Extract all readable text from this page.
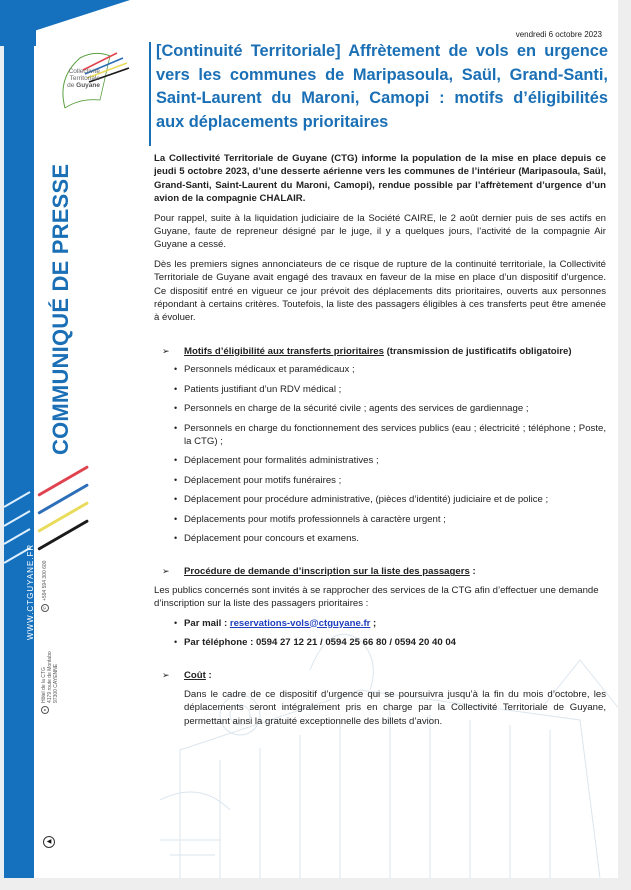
COMMUNIQUÉ DE PRESSE
WWW.CTGUYANE.FR ✆
+594 594 300 600
●
Hôtel de la CTG 4179 route de Montabo 97300 CAYENNE
◀
Collectivité
Territoriale
de Guyane
vendredi 6 octobre 2023
[Continuité Territoriale] Affrètement de vols en urgence vers les communes de Maripasoula, Saül, Grand-Santi, Saint-Laurent du Maroni, Camopi : motifs d’éligibilités aux déplacements prioritaires

La Collectivité Territoriale de Guyane (CTG) informe la population de la mise en place depuis ce jeudi 5 octobre 2023, d’une desserte aérienne vers les communes de l’intérieur (Maripasoula, Saül, Grand-Santi, Saint-Laurent du Maroni, Camopi), rendue possible par l’affrètement d’urgence d’un avion de la compagnie CHALAIR.

Pour rappel, suite à la liquidation judiciaire de la Société CAIRE, le 2 août dernier puis de ses actifs en Guyane, faute de repreneur désigné par le juge, il y a quelques jours, l’activité de la compagnie Air Guyane a cessé.

Dès les premiers signes annonciateurs de ce risque de rupture de la continuité territoriale, la Collectivité Territoriale de Guyane avait engagé des travaux en faveur de la mise en place d’un dispositif d’urgence. Ce dispositif entré en vigueur ce jour prévoit des déplacements dits prioritaires, ouverts aux personnes répondant à certains critères. Toutefois, la liste des passagers éligibles à ces transferts peut être amenée à évoluer.

➢	Motifs d’éligibilité aux transferts prioritaires (transmission de justificatifs obligatoire)
• Personnels médicaux et paramédicaux ;
• Patients justifiant d’un RDV médical ;
• Personnels en charge de la sécurité civile ; agents des services de gardiennage ;
• Personnels en charge du fonctionnement des services publics (eau ; électricité ; téléphone ; Poste, la CTG) ;
• Déplacement pour formalités administratives ;
• Déplacement pour motifs funéraires ;
• Déplacement pour procédure administrative, (pièces d’identité) judiciaire et de police ;
• Déplacements pour motifs professionnels à caractère urgent ;
• Déplacement pour concours et examens.
➢	Procédure de demande d’inscription sur la liste des passagers :

Les publics concernés sont invités à se rapprocher des services de la CTG afin d’effectuer une demande d’inscription sur la liste des passagers prioritaires :

• Par mail : reservations-vols@ctguyane.fr ;
• Par téléphone : 0594 27 12 21 / 0594 25 66 80 / 0594 20 40 04
➢	Coût :

Dans le cadre de ce dispositif d’urgence qui se poursuivra jusqu’à la fin du mois d’octobre, les déplacements seront intégralement pris en charge par la Collectivité Territoriale de Guyane, permettant ainsi la gratuité exceptionnelle des billets d’avion.
